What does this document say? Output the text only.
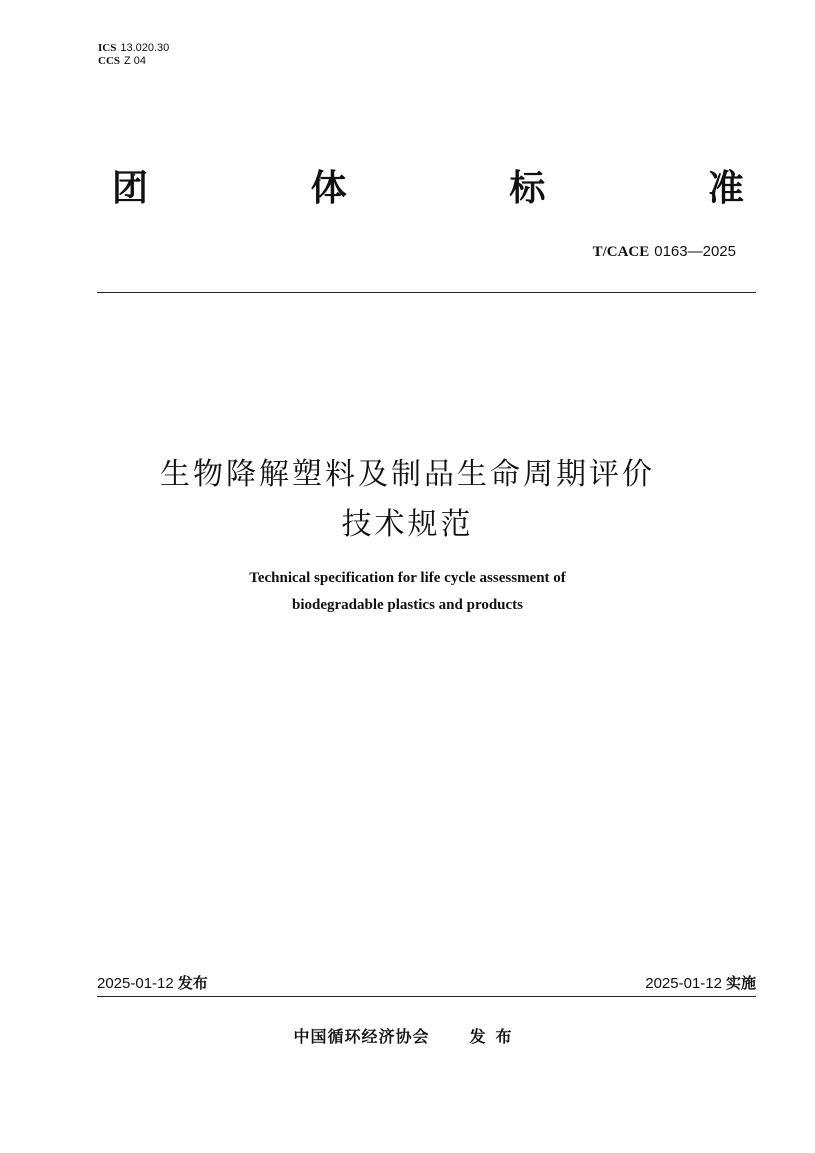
ICS 13.020.30
CCS Z 04
团	体	标	准
T/CACE 0163—2025
生物降解塑料及制品生命周期评价
技术规范
Technical specification for life cycle assessment of
biodegradable plastics and products
2025-01-12 发布	2025-01-12 实施
中国循环经济协会	发布
